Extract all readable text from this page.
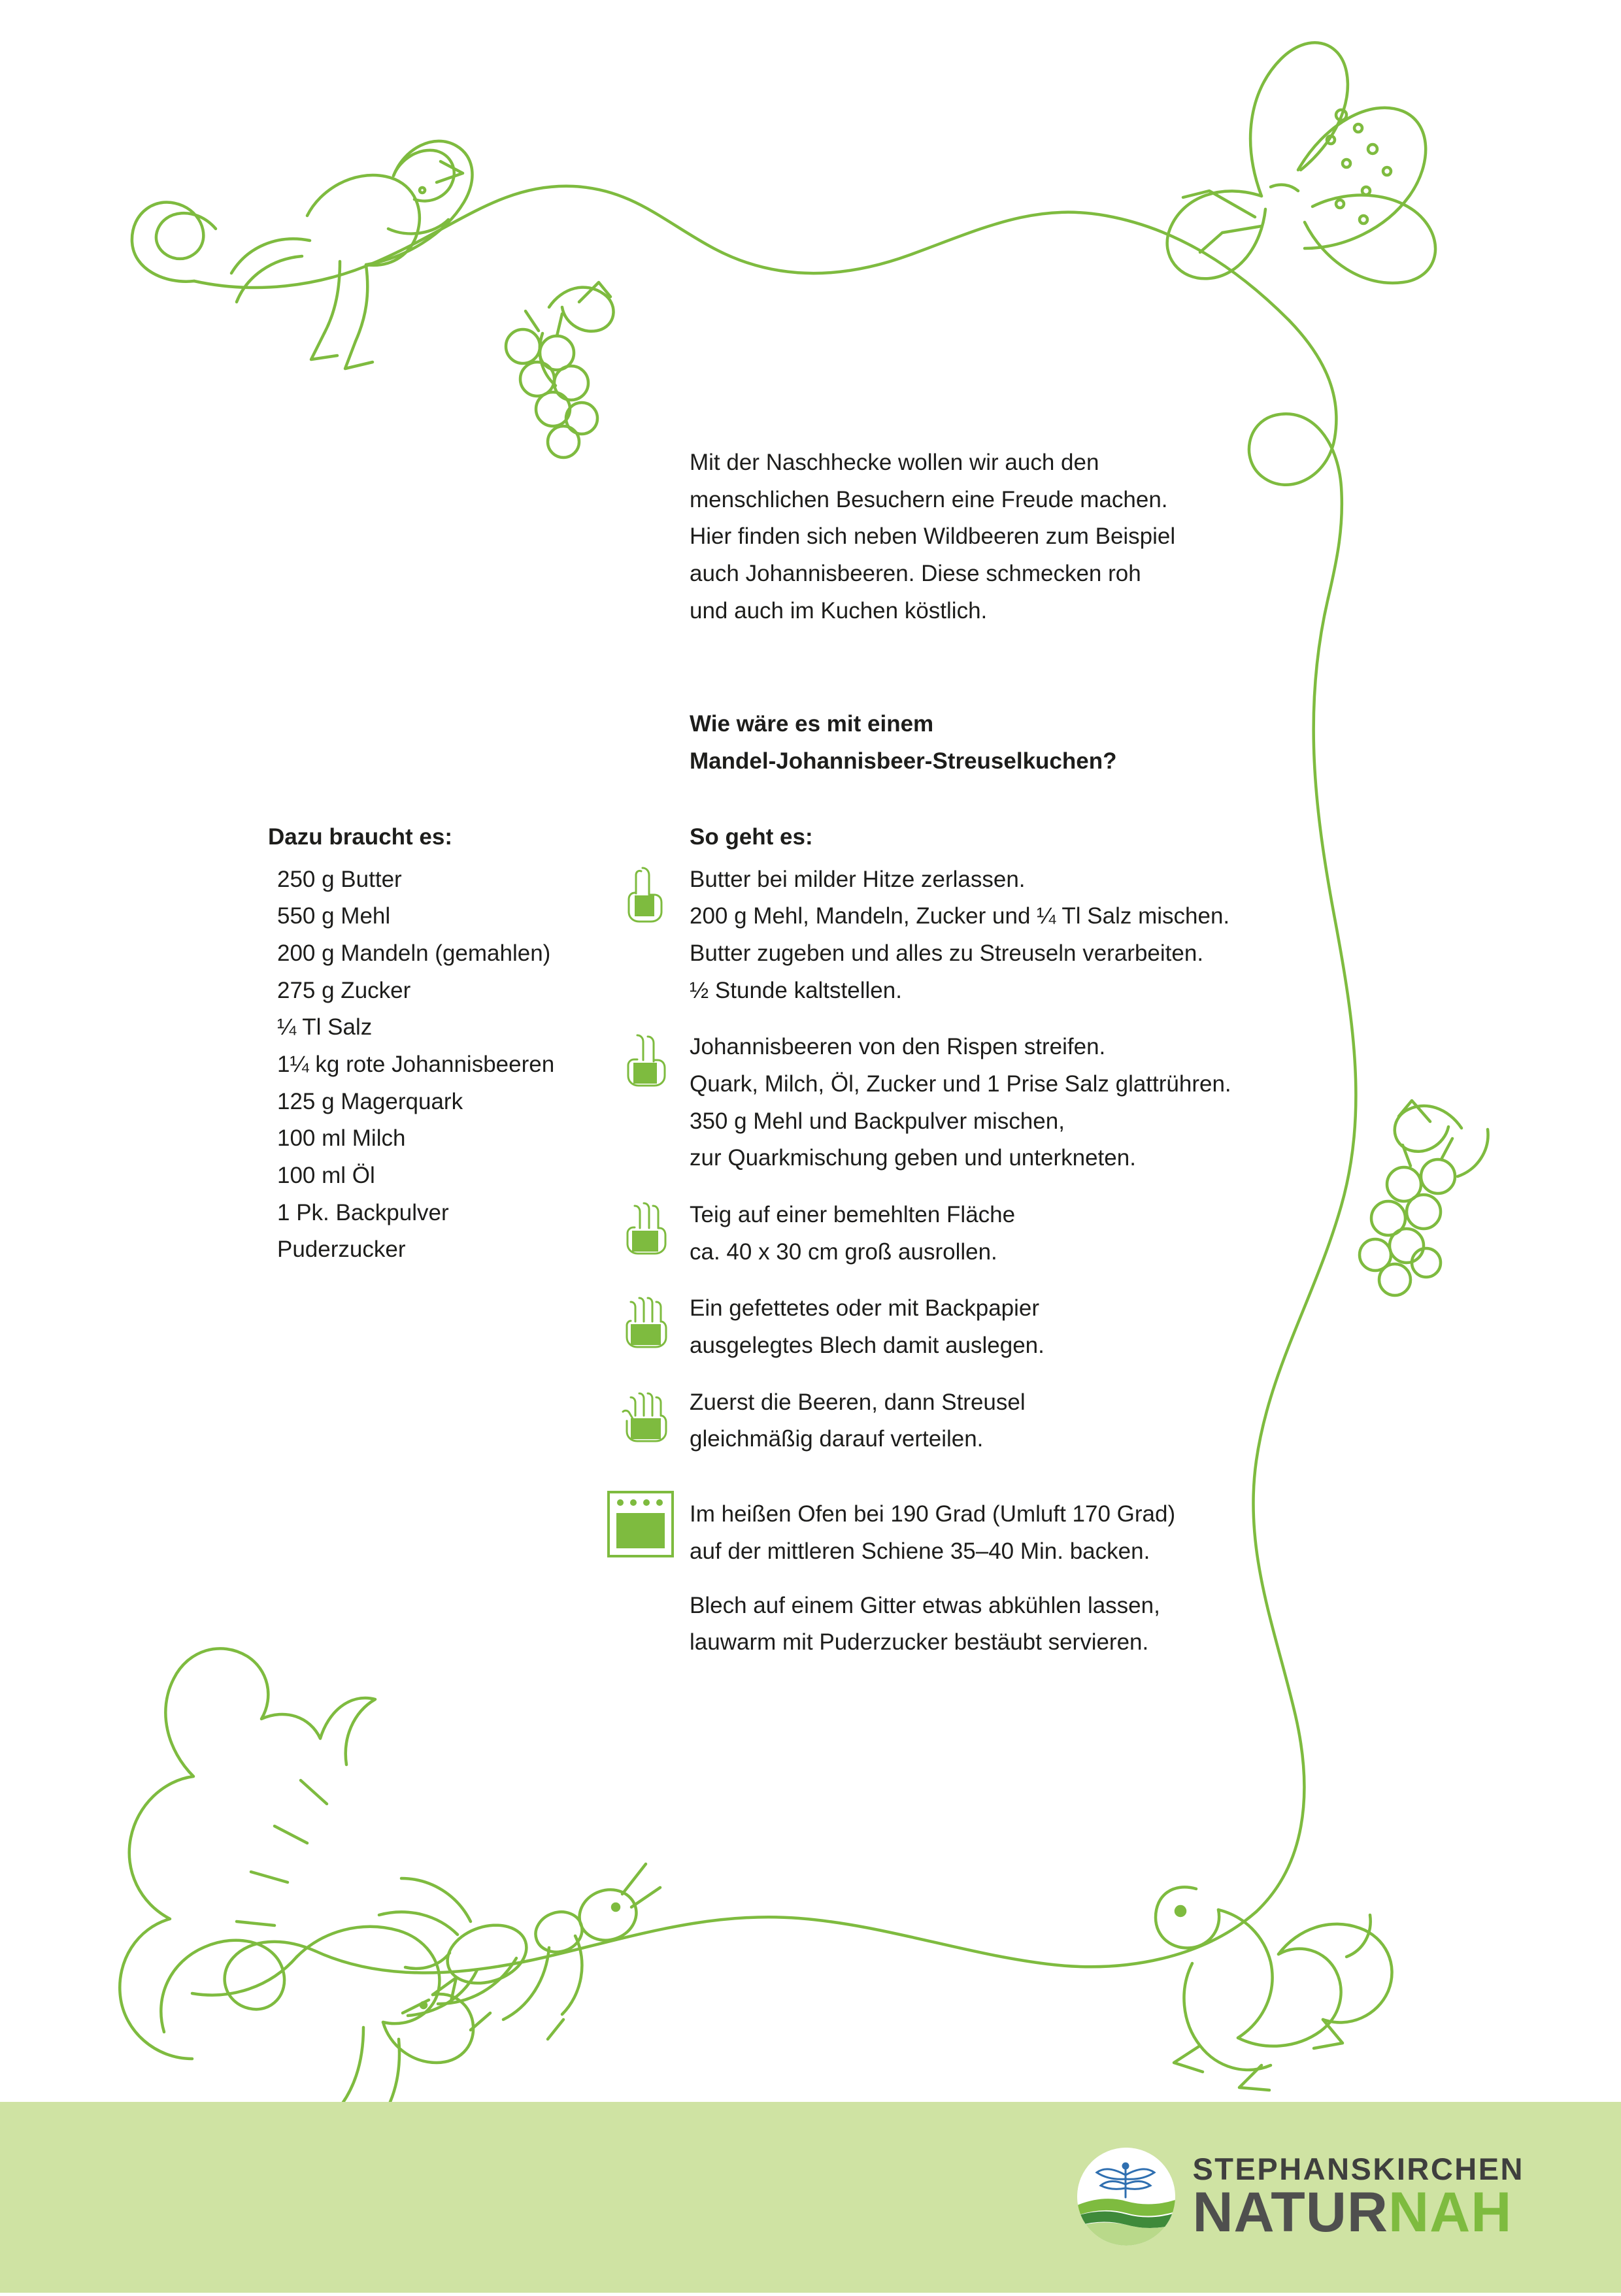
Mit der Naschhecke wollen wir auch den
menschlichen Besuchern eine Freude machen.
Hier finden sich neben Wildbeeren zum Beispiel
auch Johannisbeeren. Diese schmecken roh
und auch im Kuchen köstlich.
Wie wäre es mit einem
Mandel-Johannisbeer-Streuselkuchen?
Dazu braucht es:
250 g Butter
550 g Mehl
200 g Mandeln (gemahlen)
275 g Zucker
¼ Tl Salz
1¼ kg rote Johannisbeeren
125 g Magerquark
100 ml Milch
100 ml Öl
1 Pk. Backpulver
Puderzucker
So geht es:
Butter bei milder Hitze zerlassen.
200 g Mehl, Mandeln, Zucker und ¼ Tl Salz mischen.
Butter zugeben und alles zu Streuseln verarbeiten.
½ Stunde kaltstellen.
Johannisbeeren von den Rispen streifen.
Quark, Milch, Öl, Zucker und 1 Prise Salz glattrühren.
350 g Mehl und Backpulver mischen,
zur Quarkmischung geben und unterkneten.
Teig auf einer bemehlten Fläche
ca. 40 x 30 cm groß ausrollen.
Ein gefettetes oder mit Backpapier
ausgelegtes Blech damit auslegen.
Zuerst die Beeren, dann Streusel
gleichmäßig darauf verteilen.
Im heißen Ofen bei 190 Grad (Umluft 170 Grad)
auf der mittleren Schiene 35–40 Min. backen.
Blech auf einem Gitter etwas abkühlen lassen,
lauwarm mit Puderzucker bestäubt servieren.
STEPHANSKIRCHEN
NATURNAH
